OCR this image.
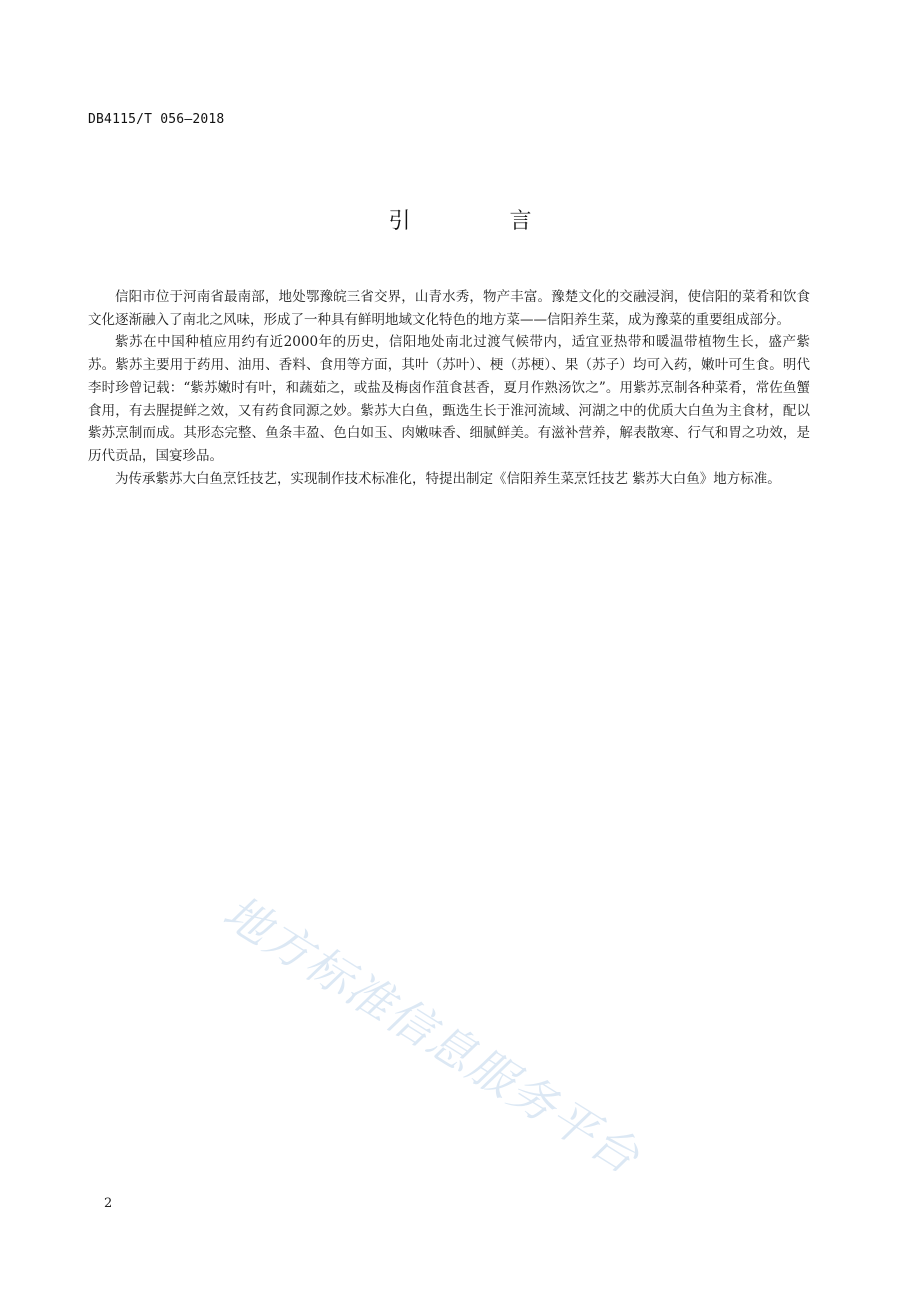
DB4115/T 056—2018
引 言

信阳市位于河南省最南部，地处鄂豫皖三省交界，山青水秀，物产丰富。豫楚文化的交融浸润，使信阳的菜肴和饮食文化逐渐融入了南北之风味，形成了一种具有鲜明地域文化特色的地方菜——信阳养生菜，成为豫菜的重要组成部分。

紫苏在中国种植应用约有近2000年的历史，信阳地处南北过渡气候带内，适宜亚热带和暖温带植物生长，盛产紫苏。紫苏主要用于药用、油用、香料、食用等方面，其叶（苏叶）、梗（苏梗）、果（苏子）均可入药，嫩叶可生食。明代李时珍曾记载：“紫苏嫩时有叶，和蔬茹之，或盐及梅卤作菹食甚香，夏月作熟汤饮之”。用紫苏烹制各种菜肴，常佐鱼蟹食用，有去腥提鲜之效，又有药食同源之妙。紫苏大白鱼，甄选生长于淮河流域、河湖之中的优质大白鱼为主食材，配以紫苏烹制而成。其形态完整、鱼条丰盈、色白如玉、肉嫩味香、细腻鲜美。有滋补营养，解表散寒、行气和胃之功效，是历代贡品，国宴珍品。

为传承紫苏大白鱼烹饪技艺，实现制作技术标准化，特提出制定《信阳养生菜烹饪技艺 紫苏大白鱼》地方标准。

地方标准信息服务平台
2
